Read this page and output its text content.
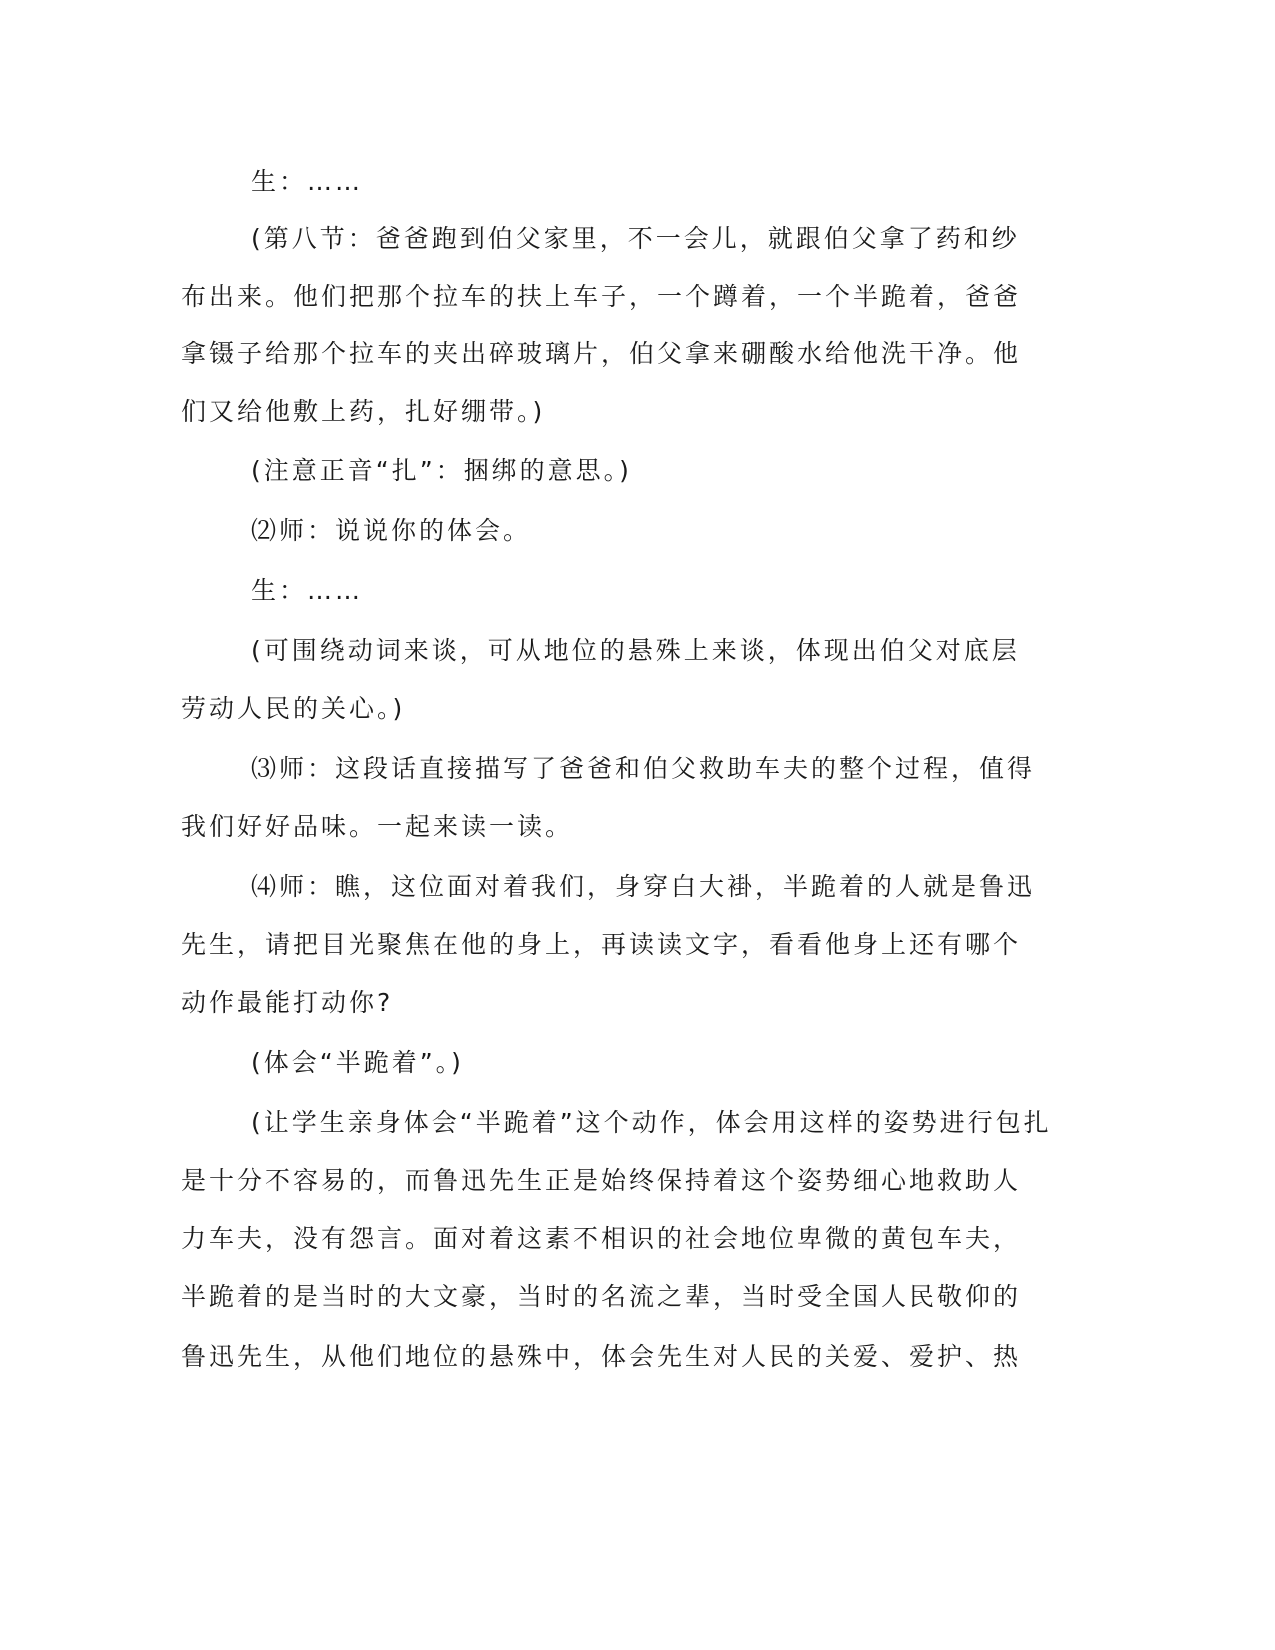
生：……
(第八节：爸爸跑到伯父家里，不一会儿，就跟伯父拿了药和纱
布出来。他们把那个拉车的扶上车子，一个蹲着，一个半跪着，爸爸
拿镊子给那个拉车的夹出碎玻璃片，伯父拿来硼酸水给他洗干净。他
们又给他敷上药，扎好绷带。)
(注意正音“扎”：捆绑的意思。)
⑵师：说说你的体会。
生：……
(可围绕动词来谈，可从地位的悬殊上来谈，体现出伯父对底层
劳动人民的关心。)
⑶师：这段话直接描写了爸爸和伯父救助车夫的整个过程，值得
我们好好品味。一起来读一读。
⑷师：瞧，这位面对着我们，身穿白大褂，半跪着的人就是鲁迅
先生，请把目光聚焦在他的身上，再读读文字，看看他身上还有哪个
动作最能打动你?
(体会“半跪着”。)
(让学生亲身体会“半跪着”这个动作，体会用这样的姿势进行包扎
是十分不容易的，而鲁迅先生正是始终保持着这个姿势细心地救助人
力车夫，没有怨言。面对着这素不相识的社会地位卑微的黄包车夫，
半跪着的是当时的大文豪，当时的名流之辈，当时受全国人民敬仰的
鲁迅先生，从他们地位的悬殊中，体会先生对人民的关爱、爱护、热
